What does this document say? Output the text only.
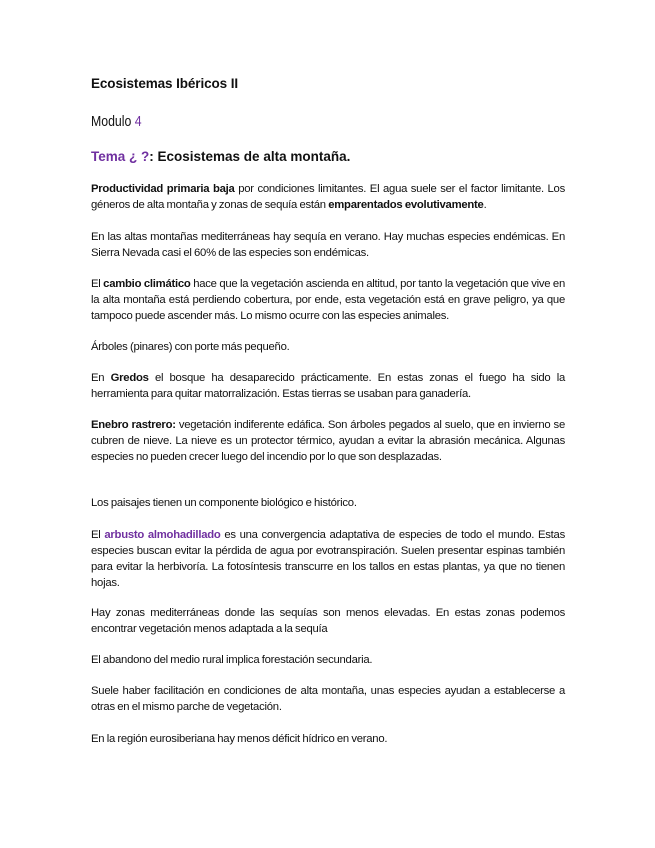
Ecosistemas Ibéricos II
Modulo 4
Tema ¿ ?: Ecosistemas de alta montaña.

Productividad primaria baja por condiciones limitantes. El agua suele ser el factor limitante. Los géneros de alta montaña y zonas de sequía están emparentados evolutivamente.

En las altas montañas mediterráneas hay sequía en verano. Hay muchas especies endémicas. En Sierra Nevada casi el 60% de las especies son endémicas.

El cambio climático hace que la vegetación ascienda en altitud, por tanto la vegetación que vive en la alta montaña está perdiendo cobertura, por ende, esta vegetación está en grave peligro, ya que tampoco puede ascender más. Lo mismo ocurre con las especies animales.

Árboles (pinares) con porte más pequeño.

En Gredos el bosque ha desaparecido prácticamente. En estas zonas el fuego ha sido la herramienta para quitar matorralización. Estas tierras se usaban para ganadería.

Enebro rastrero: vegetación indiferente edáfica. Son árboles pegados al suelo, que en invierno se cubren de nieve. La nieve es un protector térmico, ayudan a evitar la abrasión mecánica. Algunas especies no pueden crecer luego del incendio por lo que son desplazadas.

Los paisajes tienen un componente biológico e histórico.

El arbusto almohadillado es una convergencia adaptativa de especies de todo el mundo. Estas especies buscan evitar la pérdida de agua por evotranspiración. Suelen presentar espinas también para evitar la herbivoría. La fotosíntesis transcurre en los tallos en estas plantas, ya que no tienen hojas.

Hay zonas mediterráneas donde las sequías son menos elevadas. En estas zonas podemos encontrar vegetación menos adaptada a la sequía

El abandono del medio rural implica forestación secundaria.

Suele haber facilitación en condiciones de alta montaña, unas especies ayudan a establecerse a otras en el mismo parche de vegetación.

En la región eurosiberiana hay menos déficit hídrico en verano.
